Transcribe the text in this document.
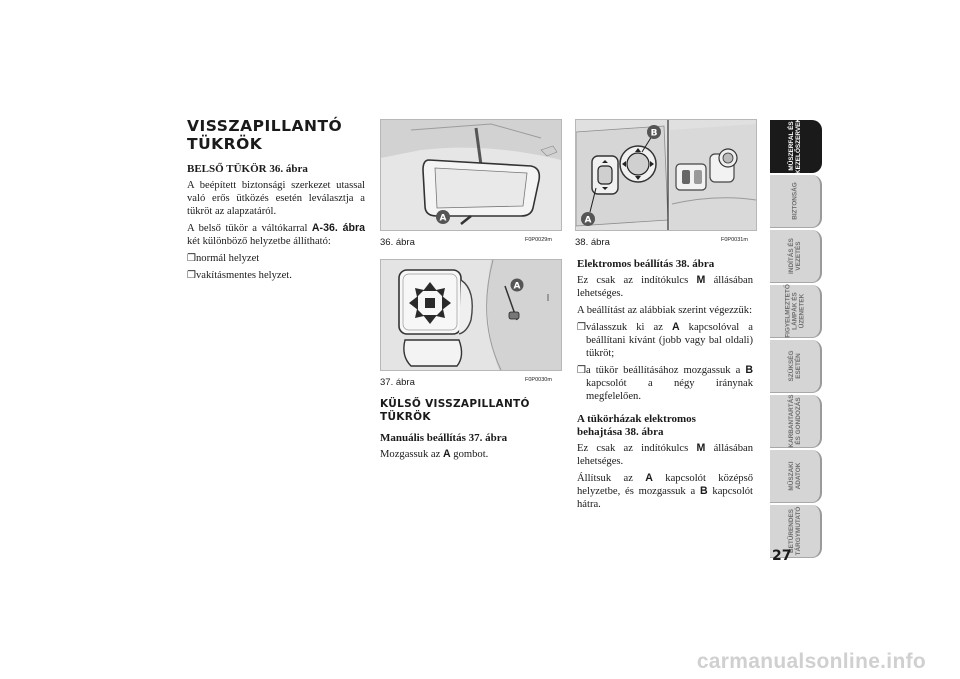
VISSZAPILLANTÓ
TÜKRÖK
BELSŐ TÜKÖR 36. ábra

A beépített biztonsági szerkezet utassal való erős ütközés esetén leválasztja a tükröt az alapzatáról.

A belső tükör a váltókarral A-36. ábra két különböző helyzetbe állítható:

❒ normál helyzet
❒ vakításmentes helyzet.
A
36. ábra	F0P0029m
A
37. ábra	F0P0030m
KÜLSŐ VISSZAPILLANTÓ
TÜKRÖK
Manuális beállítás 37. ábra

Mozgassuk az A gombot.

B
A
38. ábra	F0P0031m
Elektromos beállítás 38. ábra

Ez csak az indítókulcs M állásában lehetséges.

A beállítást az alábbiak szerint végezzük:

❒ válasszuk ki az A kapcsolóval a beállítani kívánt (jobb vagy bal oldali) tükröt;
❒ a tükör beállításához mozgassuk a B kapcsolót a négy iránynak megfelelően.
A tükörházak elektromos
behajtása 38. ábra

Ez csak az indítókulcs M állásában lehetséges.

Állítsuk az A kapcsolót középső helyzetbe, és mozgassuk a B kapcsolót hátra.

MŰSZERFAL ÉS
KEZELŐSZERVEK
BIZTONSÁG
INDÍTÁS ÉS
VEZETÉS
FIGYELMEZTETŐ
LÁMPÁK ÉS
ÜZENETEK
SZÜKSÉG
ESETÉN
KARBANTARTÁS
ÉS GONDOZÁS
MŰSZAKI
ADATOK
BETŰRENDES
TÁRGYMUTATÓ
27
carmanualsonline.info
